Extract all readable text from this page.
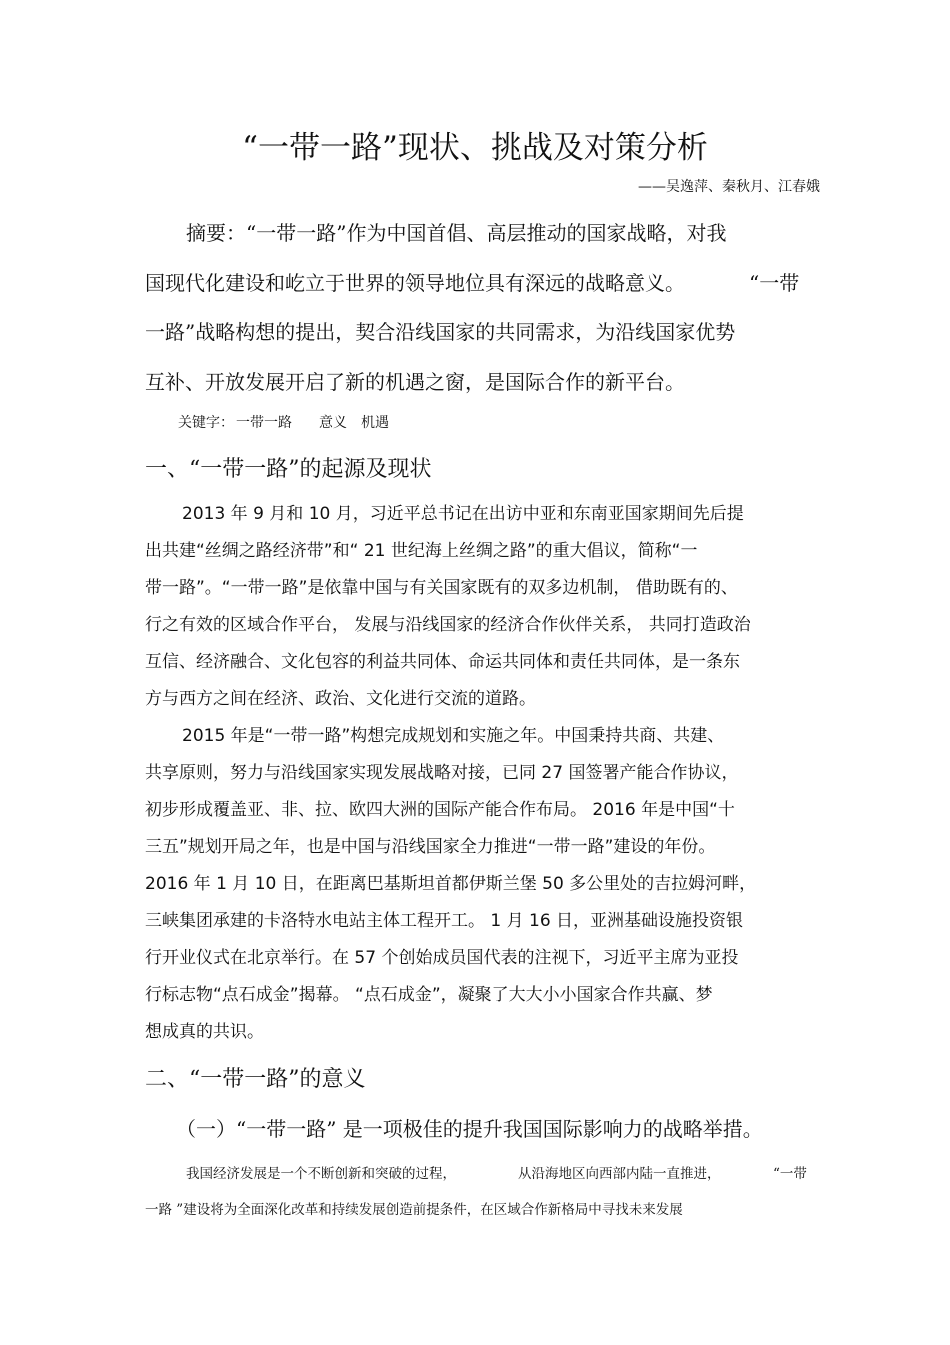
“一带一路”现状、挑战及对策分析
——吴逸萍、秦秋月、江春娥
摘要：“一带一路”作为中国首倡、高层推动的国家战略，对我
国现代化建设和屹立于世界的领导地位具有深远的战略意义。	“一带
一路”战略构想的提出，契合沿线国家的共同需求，为沿线国家优势
互补、开放发展开启了新的机遇之窗，是国际合作的新平台。
关键字： 一带一路 意义 机遇
一、“一带一路”的起源及现状
2013 年 9 月和 10 月，习近平总书记在出访中亚和东南亚国家期间先后提
出共建“丝绸之路经济带”和“ 21 世纪海上丝绸之路”的重大倡议，简称“一
带一路”。“一带一路”是依靠中国与有关国家既有的双多边机制， 借助既有的、
行之有效的区域合作平台， 发展与沿线国家的经济合作伙伴关系， 共同打造政治
互信、经济融合、文化包容的利益共同体、命运共同体和责任共同体，是一条东
方与西方之间在经济、政治、文化进行交流的道路。
2015 年是“一带一路”构想完成规划和实施之年。中国秉持共商、共建、
共享原则，努力与沿线国家实现发展战略对接，已同 27 国签署产能合作协议，
初步形成覆盖亚、非、拉、欧四大洲的国际产能合作布局。 2016 年是中国“十
三五”规划开局之年，也是中国与沿线国家全力推进“一带一路”建设的年份。
2016 年 1 月 10 日，在距离巴基斯坦首都伊斯兰堡 50 多公里处的吉拉姆河畔，
三峡集团承建的卡洛特水电站主体工程开工。 1 月 16 日，亚洲基础设施投资银
行开业仪式在北京举行。在 57 个创始成员国代表的注视下，习近平主席为亚投
行标志物“点石成金”揭幕。 “点石成金”，凝聚了大大小小国家合作共赢、梦
想成真的共识。
二、“一带一路”的意义
（一）“一带一路” 是一项极佳的提升我国国际影响力的战略举措。
我国经济发展是一个不断创新和突破的过程，	从沿海地区向西部内陆一直推进，	“一带
一路 ”建设将为全面深化改革和持续发展创造前提条件，在区域合作新格局中寻找未来发展
